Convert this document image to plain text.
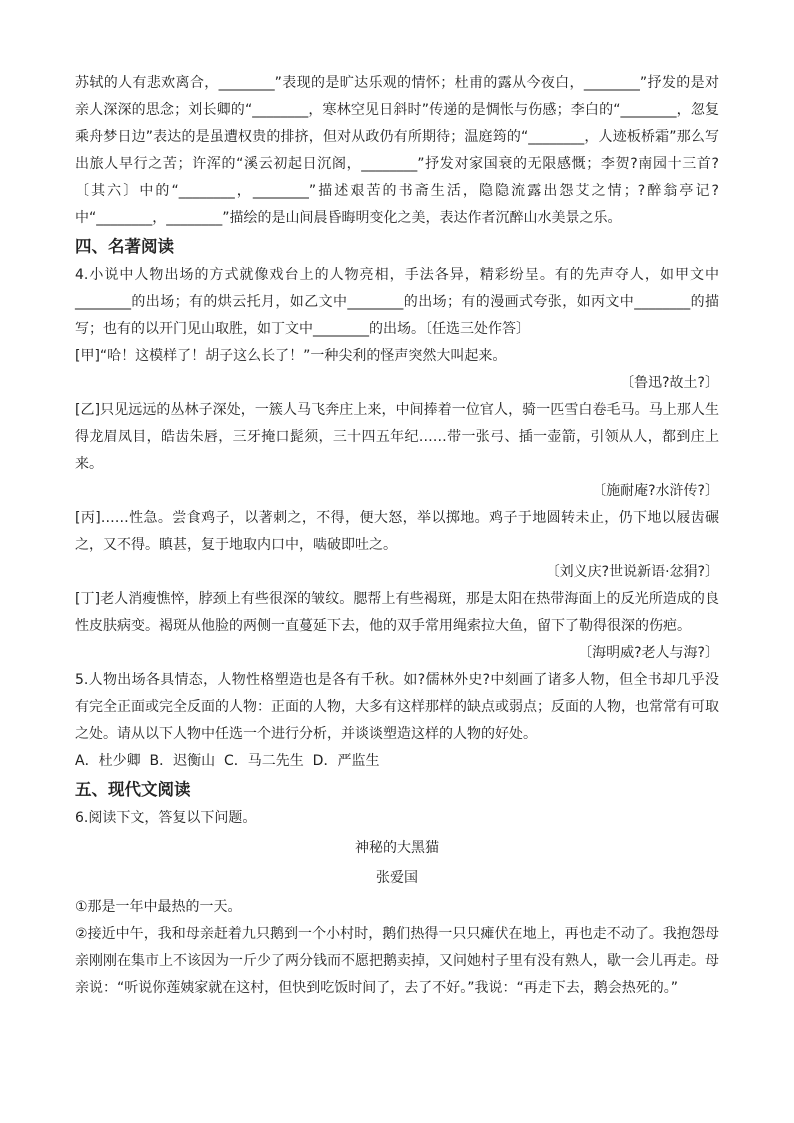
苏轼的人有悲欢离合，________”表现的是旷达乐观的情怀；杜甫的露从今夜白，________”抒发的是对亲人深深的思念；刘长卿的“________，寒林空见日斜时”传递的是惆怅与伤感；李白的“________，忽复乘舟梦日边”表达的是虽遭权贵的排挤，但对从政仍有所期待；温庭筠的“________，人迹板桥霜”那么写出旅人早行之苦；许浑的“溪云初起日沉阁，________”抒发对家国衰的无限感慨；李贺?南园十三首?〔其六〕中的“________，________”描述艰苦的书斋生活，隐隐流露出怨艾之情；?醉翁亭记?中“________，________”描绘的是山间晨昏晦明变化之美，表达作者沉醉山水美景之乐。

四、名著阅读

4.小说中人物出场的方式就像戏台上的人物亮相，手法各异，精彩纷呈。有的先声夺人，如甲文中________的出场；有的烘云托月，如乙文中________的出场；有的漫画式夸张，如丙文中________的描写；也有的以开门见山取胜，如丁文中________的出场。〔任选三处作答〕

[甲]“哈！这模样了！胡子这么长了！”一种尖利的怪声突然大叫起来。

〔鲁迅?故土?〕

[乙]只见远远的丛林子深处，一簇人马飞奔庄上来，中间捧着一位官人，骑一匹雪白卷毛马。马上那人生得龙眉凤目，皓齿朱唇，三牙掩口髭须，三十四五年纪……带一张弓、插一壶箭，引领从人，都到庄上来。

〔施耐庵?水浒传?〕

[丙]……性急。尝食鸡子，以著刺之，不得，便大怒，举以掷地。鸡子于地圆转未止，仍下地以屐齿碾之，又不得。瞋甚，复于地取内口中，啮破即吐之。

〔刘义庆?世说新语·忿狷?〕

[丁]老人消瘦憔悴，脖颈上有些很深的皱纹。腮帮上有些褐斑，那是太阳在热带海面上的反光所造成的良性皮肤病变。褐斑从他脸的两侧一直蔓延下去，他的双手常用绳索拉大鱼，留下了勒得很深的伤疤。

〔海明威?老人与海?〕

5.人物出场各具情态，人物性格塑造也是各有千秋。如?儒林外史?中刻画了诸多人物，但全书却几乎没有完全正面或完全反面的人物：正面的人物，大多有这样那样的缺点或弱点；反面的人物，也常常有可取之处。请从以下人物中任选一个进行分析，并谈谈塑造这样的人物的好处。

A．杜少卿  B．迟衡山  C．马二先生  D．严监生

五、现代文阅读

6.阅读下文，答复以下问题。

神秘的大黑猫

张爱国

①那是一年中最热的一天。

②接近中午，我和母亲赶着九只鹅到一个小村时，鹅们热得一只只瘫伏在地上，再也走不动了。我抱怨母亲刚刚在集市上不该因为一斤少了两分钱而不愿把鹅卖掉，又问她村子里有没有熟人，歇一会儿再走。母亲说：“听说你莲姨家就在这村，但快到吃饭时间了，去了不好。”我说：“再走下去，鹅会热死的。”
